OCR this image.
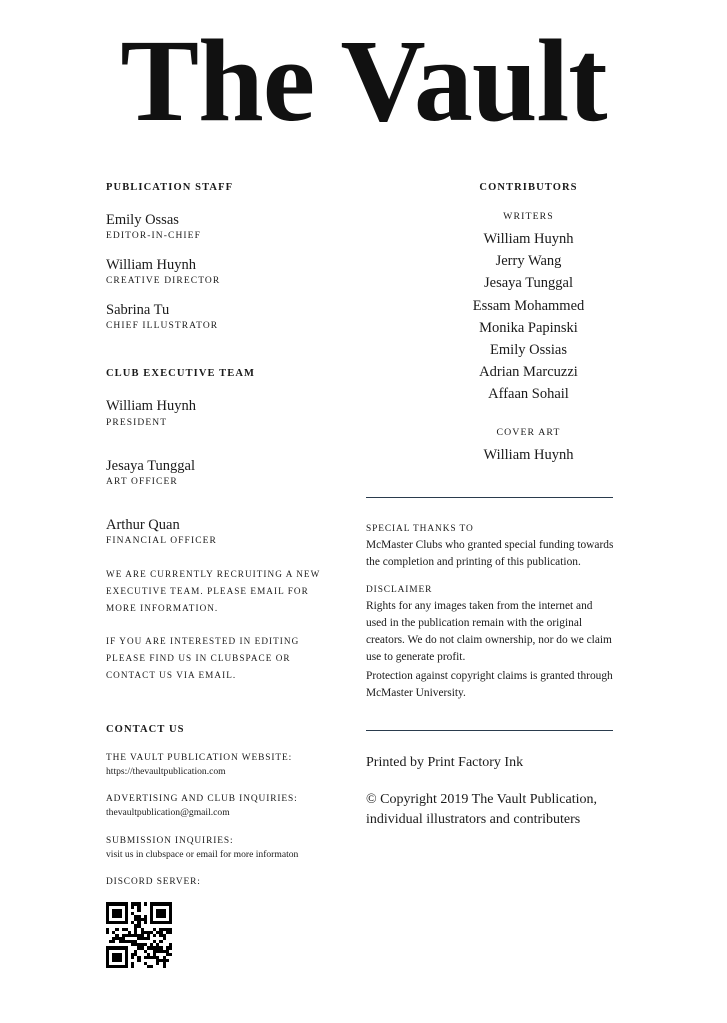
The Vault
PUBLICATION STAFF
Emily Ossas
EDITOR-IN-CHIEF
William Huynh
CREATIVE DIRECTOR
Sabrina Tu
CHIEF ILLUSTRATOR
CLUB EXECUTIVE TEAM
William Huynh
PRESIDENT
Jesaya Tunggal
ART OFFICER
Arthur Quan
FINANCIAL OFFICER
WE ARE CURRENTLY RECRUITING A NEW EXECUTIVE TEAM. PLEASE EMAIL FOR MORE INFORMATION.
IF YOU ARE INTERESTED IN EDITING PLEASE FIND US IN CLUBSPACE OR CONTACT US VIA EMAIL.
CONTACT US
THE VAULT PUBLICATION WEBSITE:
https://thevaultpublication.com
ADVERTISING AND CLUB INQUIRIES:
thevaultpublication@gmail.com
SUBMISSION INQUIRIES:
visit us in clubspace or email for more informaton
DISCORD SERVER:
CONTRIBUTORS
WRITERS
William Huynh
Jerry Wang
Jesaya Tunggal
Essam Mohammed
Monika Papinski
Emily Ossias
Adrian Marcuzzi
Affaan Sohail
COVER ART
William Huynh
SPECIAL THANKS TO
McMaster Clubs who granted special funding towards the completion and printing of this publication.
DISCLAIMER
Rights for any images taken from the internet and used in the publication remain with the original creators. We do not claim ownership, nor do we claim use to generate profit.
Protection against copyright claims is granted through McMaster University.
Printed by Print Factory Ink
© Copyright 2019 The Vault Publication, individual illustrators and contributers
